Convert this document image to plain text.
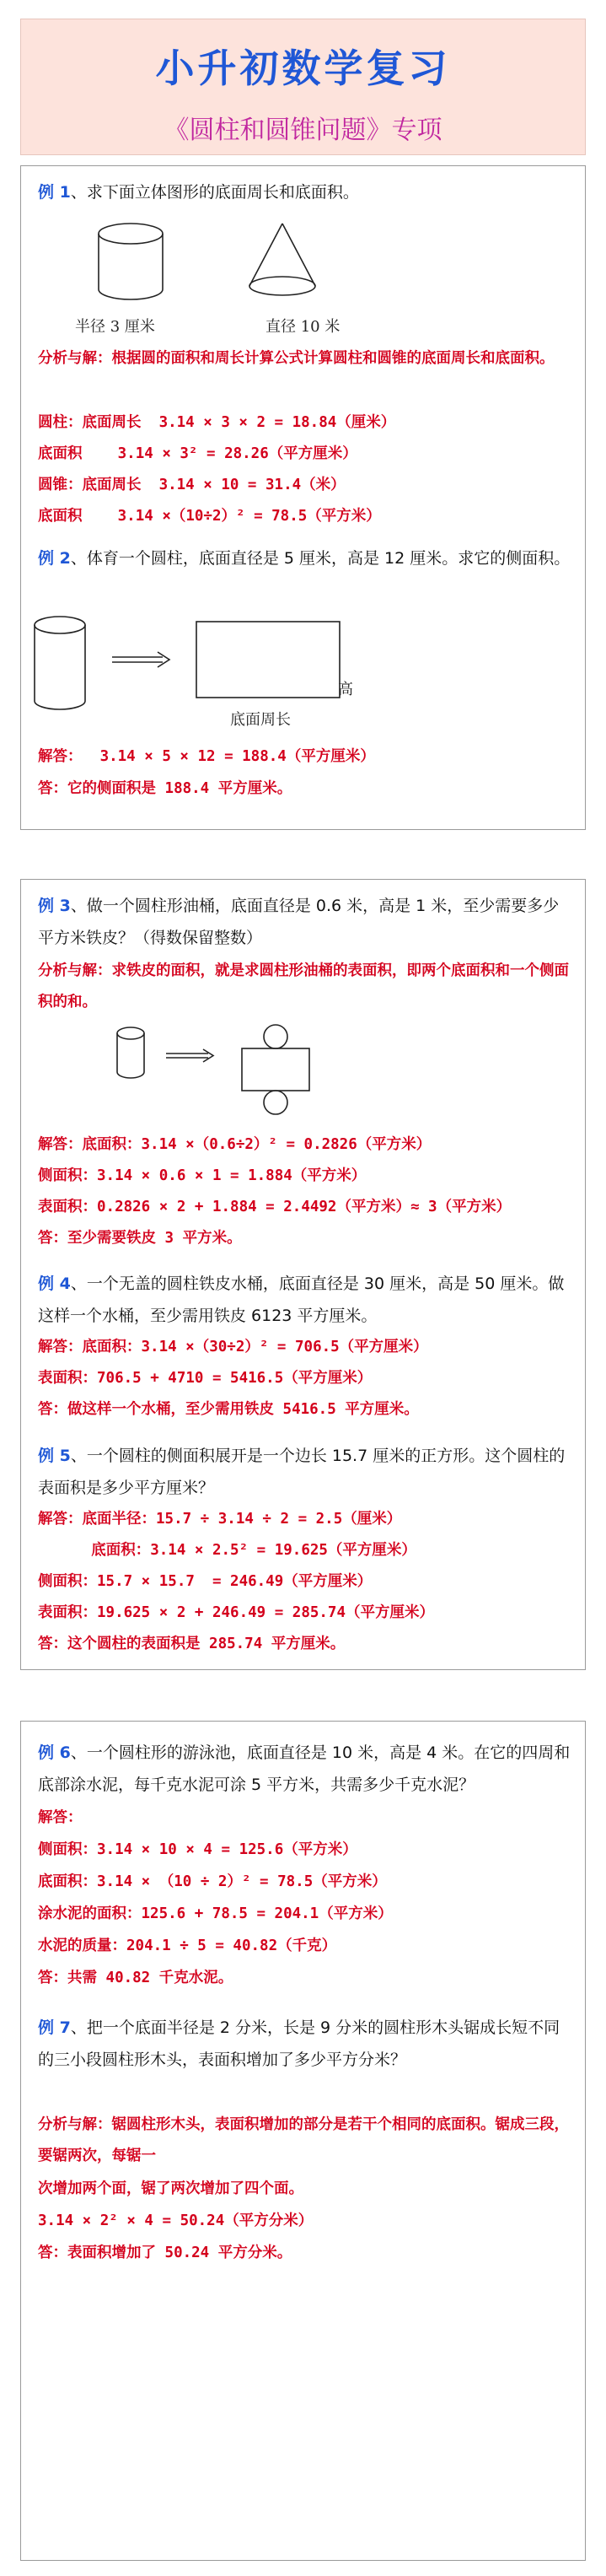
小升初数学复习
《圆柱和圆锥问题》专项
例 1、求下面立体图形的底面周长和底面积。
半径 3 厘米	直径 10 米
分析与解：根据圆的面积和周长计算公式计算圆柱和圆锥的底面周长和底面积。
圆柱：底面周长  3.14 × 3 × 2 = 18.84（厘米）
底面积    3.14 × 3² = 28.26（平方厘米）
圆锥：底面周长  3.14 × 10 = 31.4（米）
底面积    3.14 ×（10÷2）² = 78.5（平方米）
例 2、体育一个圆柱，底面直径是 5 厘米，高是 12 厘米。求它的侧面积。
高
底面周长
解答：  3.14 × 5 × 12 = 188.4（平方厘米）
答：它的侧面积是 188.4 平方厘米。
例 3、做一个圆柱形油桶，底面直径是 0.6 米，高是 1 米，至少需要多少平方米铁皮？（得数保留整数）
分析与解：求铁皮的面积，就是求圆柱形油桶的表面积，即两个底面积和一个侧面积的和。
解答：底面积：3.14 ×（0.6÷2）² = 0.2826（平方米）
侧面积：3.14 × 0.6 × 1 = 1.884（平方米）
表面积：0.2826 × 2 + 1.884 = 2.4492（平方米）≈ 3（平方米）
答：至少需要铁皮 3 平方米。
例 4、一个无盖的圆柱铁皮水桶，底面直径是 30 厘米，高是 50 厘米。做这样一个水桶，至少需用铁皮 6123 平方厘米。
解答：底面积：3.14 ×（30÷2）² = 706.5（平方厘米）
表面积：706.5 + 4710 = 5416.5（平方厘米）
答：做这样一个水桶，至少需用铁皮 5416.5 平方厘米。
例 5、一个圆柱的侧面积展开是一个边长 15.7 厘米的正方形。这个圆柱的表面积是多少平方厘米？
解答：底面半径：15.7 ÷ 3.14 ÷ 2 = 2.5（厘米）
底面积：3.14 × 2.5² = 19.625（平方厘米）
侧面积：15.7 × 15.7  = 246.49（平方厘米）
表面积：19.625 × 2 + 246.49 = 285.74（平方厘米）
答：这个圆柱的表面积是 285.74 平方厘米。
例 6、一个圆柱形的游泳池，底面直径是 10 米，高是 4 米。在它的四周和底部涂水泥，每千克水泥可涂 5 平方米，共需多少千克水泥？
解答：
侧面积：3.14 × 10 × 4 = 125.6（平方米）
底面积：3.14 × （10 ÷ 2）² = 78.5（平方米）
涂水泥的面积：125.6 + 78.5 = 204.1（平方米）
水泥的质量：204.1 ÷ 5 = 40.82（千克）
答：共需 40.82 千克水泥。
例 7、把一个底面半径是 2 分米，长是 9 分米的圆柱形木头锯成长短不同的三小段圆柱形木头，表面积增加了多少平方分米？
分析与解：锯圆柱形木头，表面积增加的部分是若干个相同的底面积。锯成三段，要锯两次，每锯一
次增加两个面，锯了两次增加了四个面。
3.14 × 2² × 4 = 50.24（平方分米）
答：表面积增加了 50.24 平方分米。
